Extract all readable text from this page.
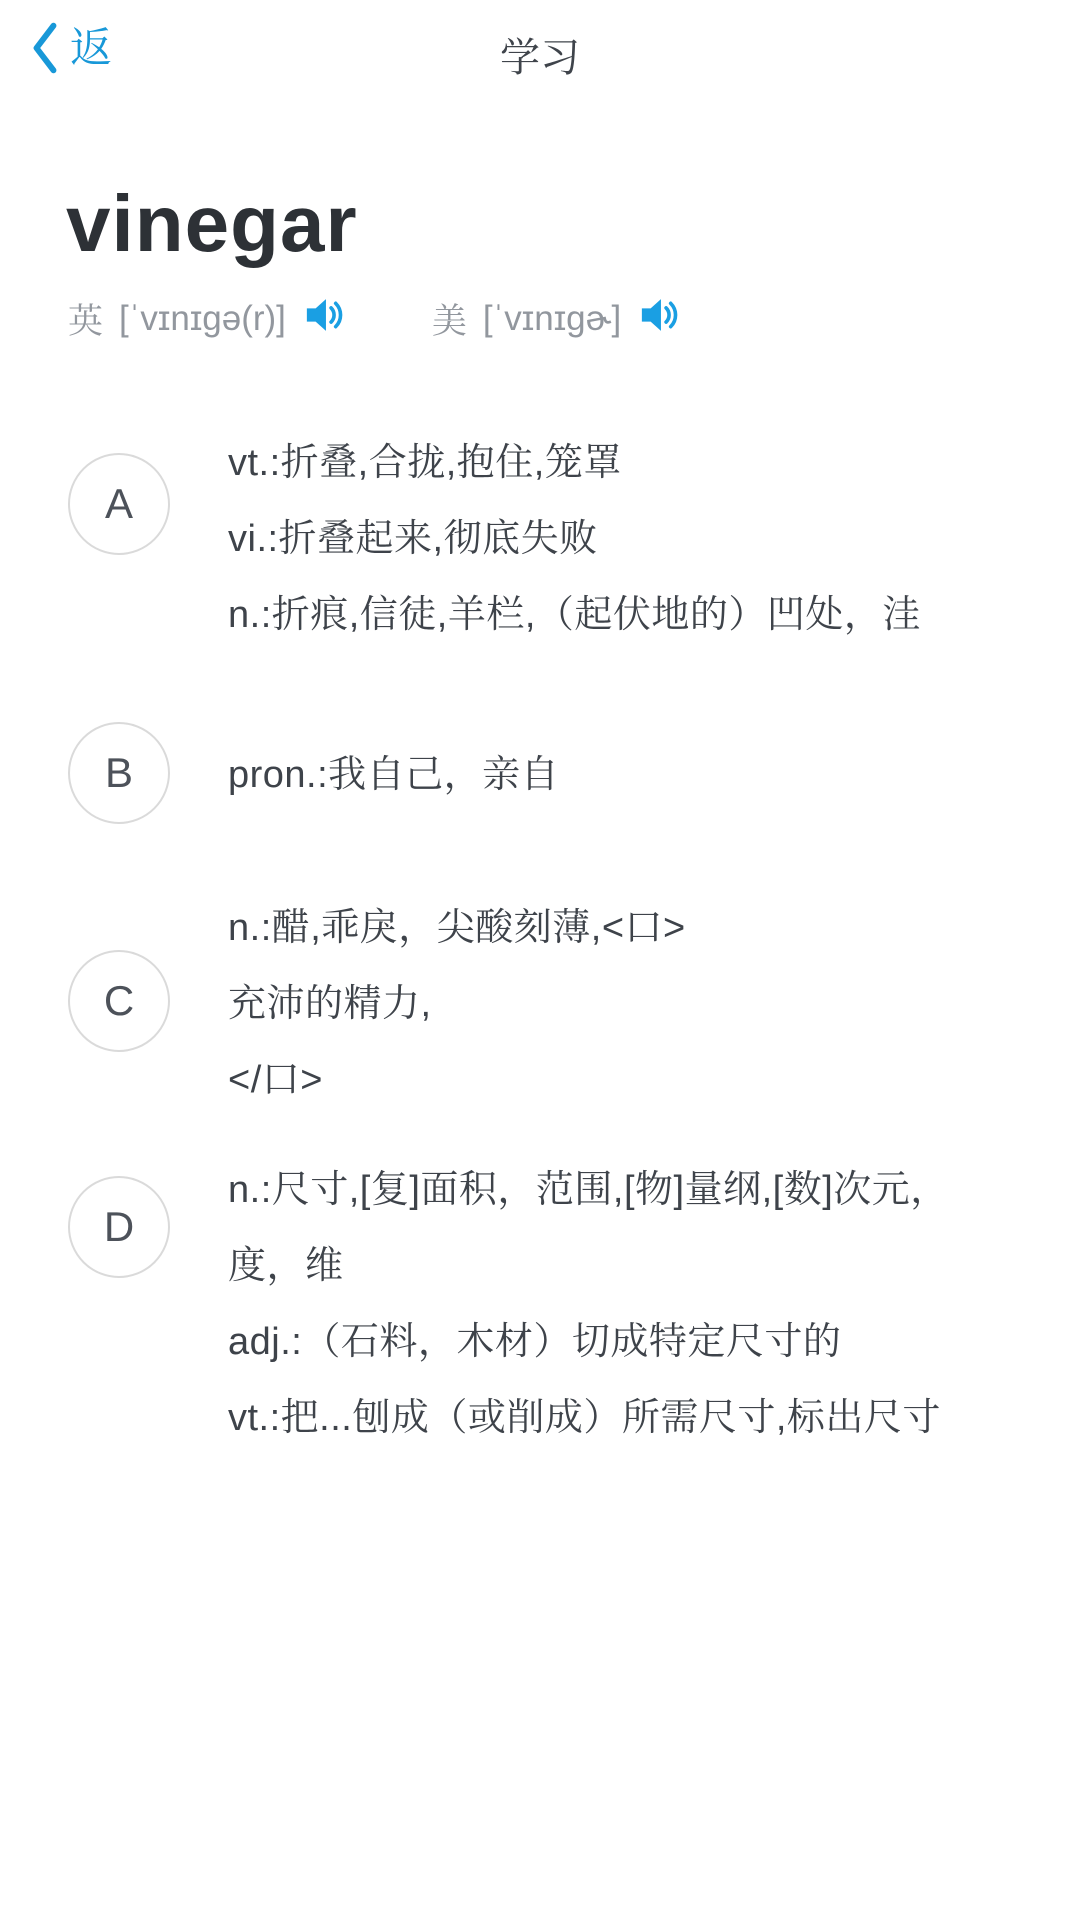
返	学习
vinegar
英 [ˈvɪnɪgə(r)]	美 [ˈvɪnɪgɚ]
A
vt.:折叠,合拢,抱住,笼罩
vi.:折叠起来,彻底失败
n.:折痕,信徒,羊栏,（起伏地的）凹处，洼
B	pron.:我自己，亲自
C
n.:醋,乖戾，尖酸刻薄,<口>
充沛的精力,
</口>
D
n.:尺寸,[复]面积，范围,[物]量纲,[数]次元，
度，维
adj.:（石料，木材）切成特定尺寸的
vt.:把...刨成（或削成）所需尺寸,标出尺寸
